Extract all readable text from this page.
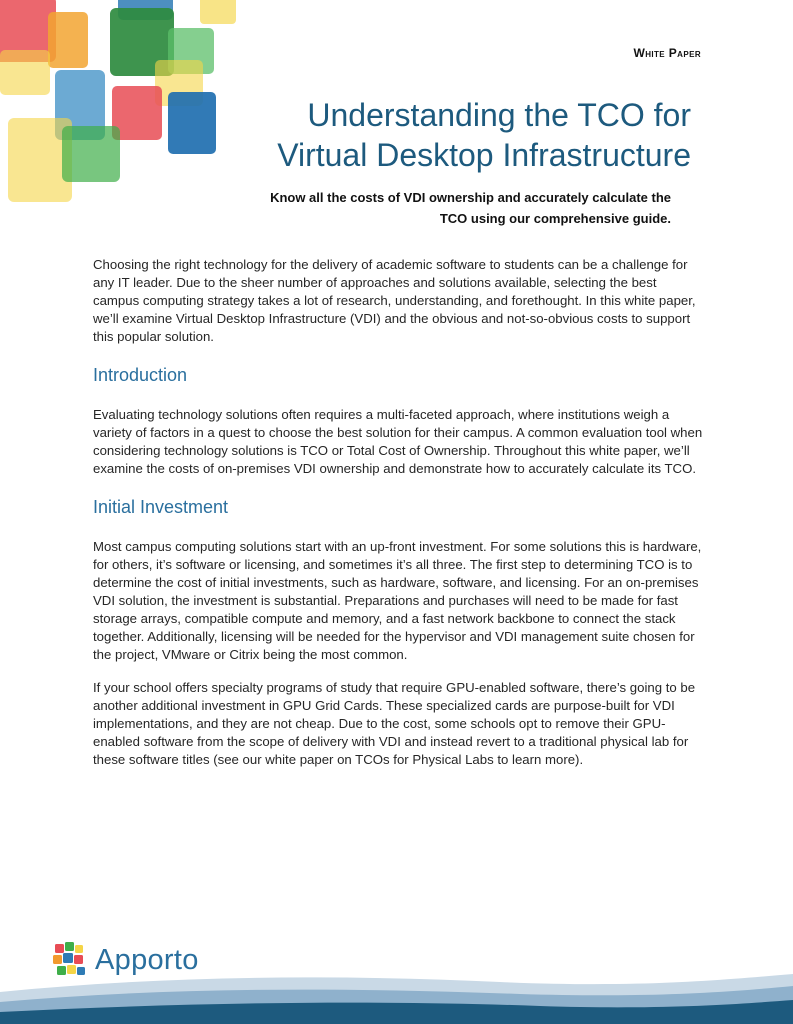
White Paper
Understanding the TCO for
Virtual Desktop Infrastructure

Know all the costs of VDI ownership and accurately calculate the
TCO using our comprehensive guide.

Choosing the right technology for the delivery of academic software to students can be a challenge for any IT leader. Due to the sheer number of approaches and solutions available, selecting the best campus computing strategy takes a lot of research, understanding, and forethought. In this white paper, we’ll examine Virtual Desktop Infrastructure (VDI) and the obvious and not-so-obvious costs to support this popular solution.

Introduction

Evaluating technology solutions often requires a multi-faceted approach, where institutions weigh a variety of factors in a quest to choose the best solution for their campus. A common evaluation tool when considering technology solutions is TCO or Total Cost of Ownership. Throughout this white paper, we’ll examine the costs of on-premises VDI ownership and demonstrate how to accurately calculate its TCO.

Initial Investment

Most campus computing solutions start with an up-front investment. For some solutions this is hardware, for others, it’s software or licensing, and sometimes it’s all three. The first step to determining TCO is to determine the cost of initial investments, such as hardware, software, and licensing. For an on-premises VDI solution, the investment is substantial. Preparations and purchases will need to be made for fast storage arrays, compatible compute and memory, and a fast network backbone to connect the stack together. Additionally, licensing will be needed for the hypervisor and VDI management suite chosen for the project, VMware or Citrix being the most common.

If your school offers specialty programs of study that require GPU-enabled software, there’s going to be another additional investment in GPU Grid Cards. These specialized cards are purpose-built for VDI implementations, and they are not cheap. Due to the cost, some schools opt to remove their GPU-enabled software from the scope of delivery with VDI and instead revert to a traditional physical lab for these software titles (see our white paper on TCOs for Physical Labs to learn more).

Apporto
